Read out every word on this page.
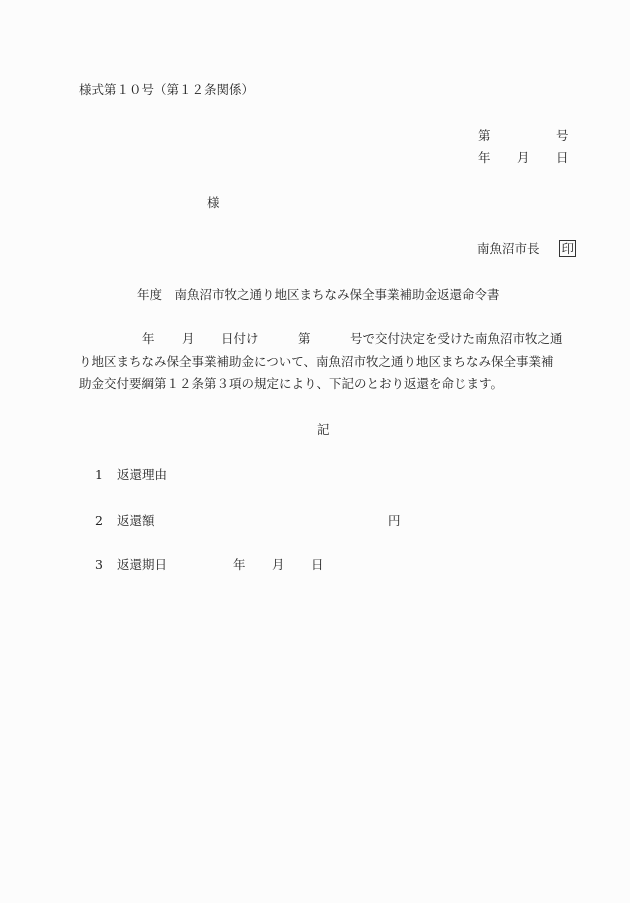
様式第１０号（第１２条関係）
第	号
年 月 日
様
南魚沼市長 印
年度　南魚沼市牧之通り地区まちなみ保全事業補助金返還命令書
年 月 日付け	第	号で交付決定を受けた南魚沼市牧之通
り地区まちなみ保全事業補助金について、南魚沼市牧之通り地区まちなみ保全事業補
助金交付要綱第１２条第３項の規定により、下記のとおり返還を命じます。
記
1 返還理由
2 返還額	円
3 返還期日	年 月 日
